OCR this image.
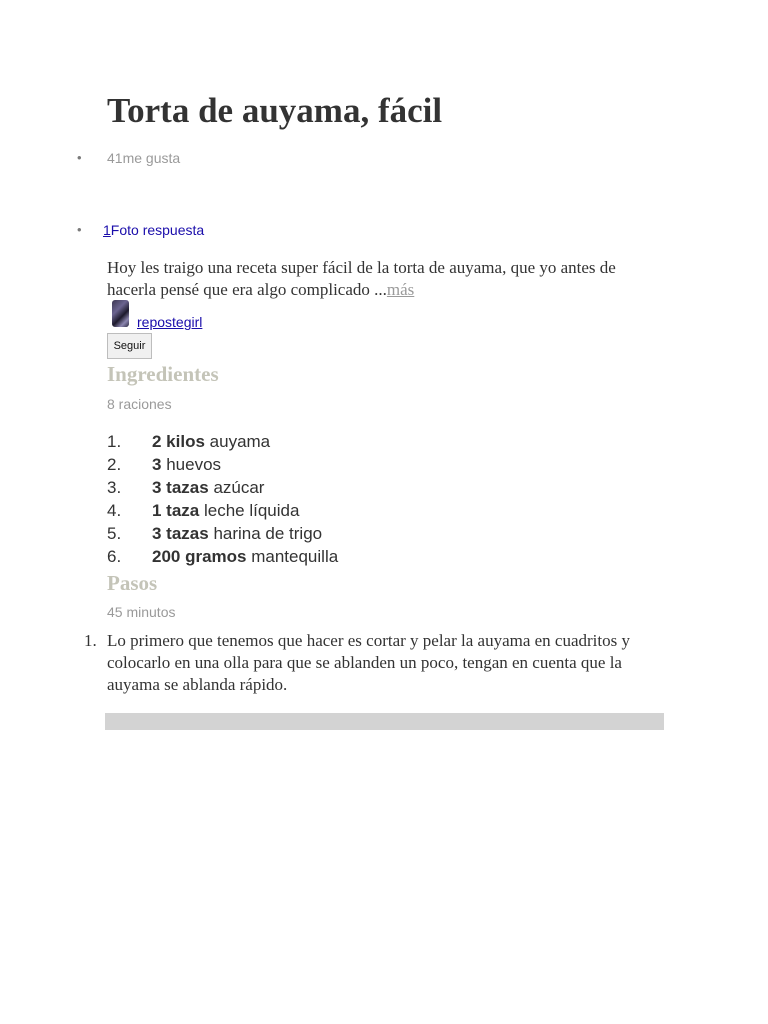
Torta de auyama, fácil
• 41me gusta
• 1Foto respuesta

Hoy les traigo una receta super fácil de la torta de auyama, que yo antes de hacerla pensé que era algo complicado ...más

repostegirl
Seguir
Ingredientes
8 raciones
1. 2 kilos auyama
2. 3 huevos
3. 3 tazas azúcar
4. 1 taza leche líquida
5. 3 tazas harina de trigo
6. 200 gramos mantequilla
Pasos
45 minutos
1. Lo primero que tenemos que hacer es cortar y pelar la auyama en cuadritos y colocarlo en una olla para que se ablanden un poco, tengan en cuenta que la auyama se ablanda rápido.
